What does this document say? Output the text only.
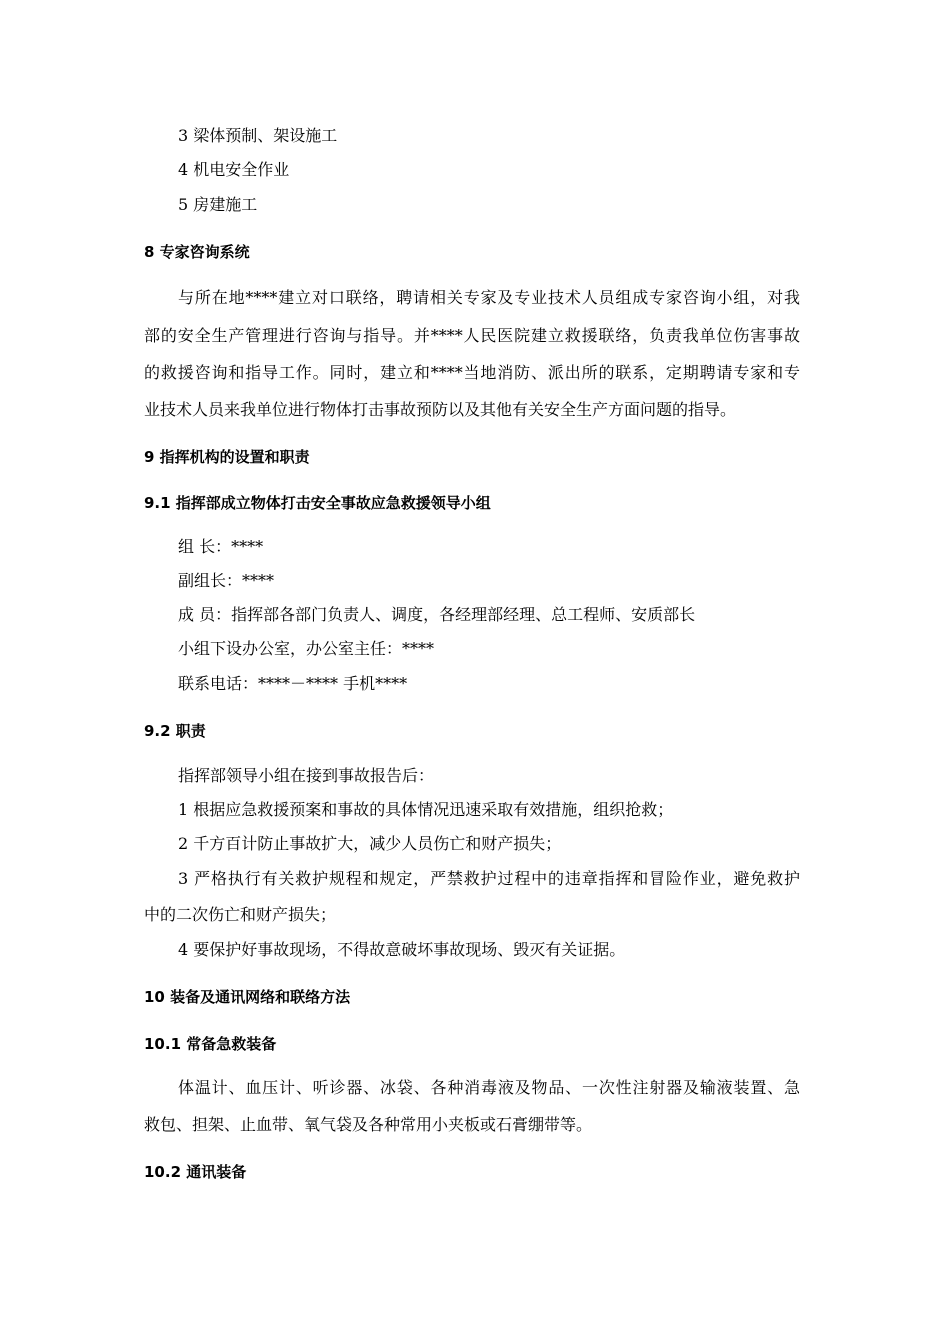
3 梁体预制、架设施工
4 机电安全作业
5 房建施工
8 专家咨询系统
与所在地****建立对口联络，聘请相关专家及专业技术人员组成专家咨询小组，对我
部的安全生产管理进行咨询与指导。并****人民医院建立救援联络，负责我单位伤害事故
的救援咨询和指导工作。同时，建立和****当地消防、派出所的联系，定期聘请专家和专
业技术人员来我单位进行物体打击事故预防以及其他有关安全生产方面问题的指导。
9 指挥机构的设置和职责
9.1 指挥部成立物体打击安全事故应急救援领导小组
组 长：****
副组长：****
成 员：指挥部各部门负责人、调度，各经理部经理、总工程师、安质部长
小组下设办公室，办公室主任：****
联系电话：****－**** 手机****
9.2 职责
指挥部领导小组在接到事故报告后：
1 根据应急救援预案和事故的具体情况迅速采取有效措施，组织抢救；
2 千方百计防止事故扩大，减少人员伤亡和财产损失；
3 严格执行有关救护规程和规定，严禁救护过程中的违章指挥和冒险作业，避免救护
中的二次伤亡和财产损失；
4 要保护好事故现场，不得故意破坏事故现场、毁灭有关证据。
10 装备及通讯网络和联络方法
10.1 常备急救装备
体温计、血压计、听诊器、冰袋、各种消毒液及物品、一次性注射器及输液装置、急
救包、担架、止血带、氧气袋及各种常用小夹板或石膏绷带等。
10.2 通讯装备
